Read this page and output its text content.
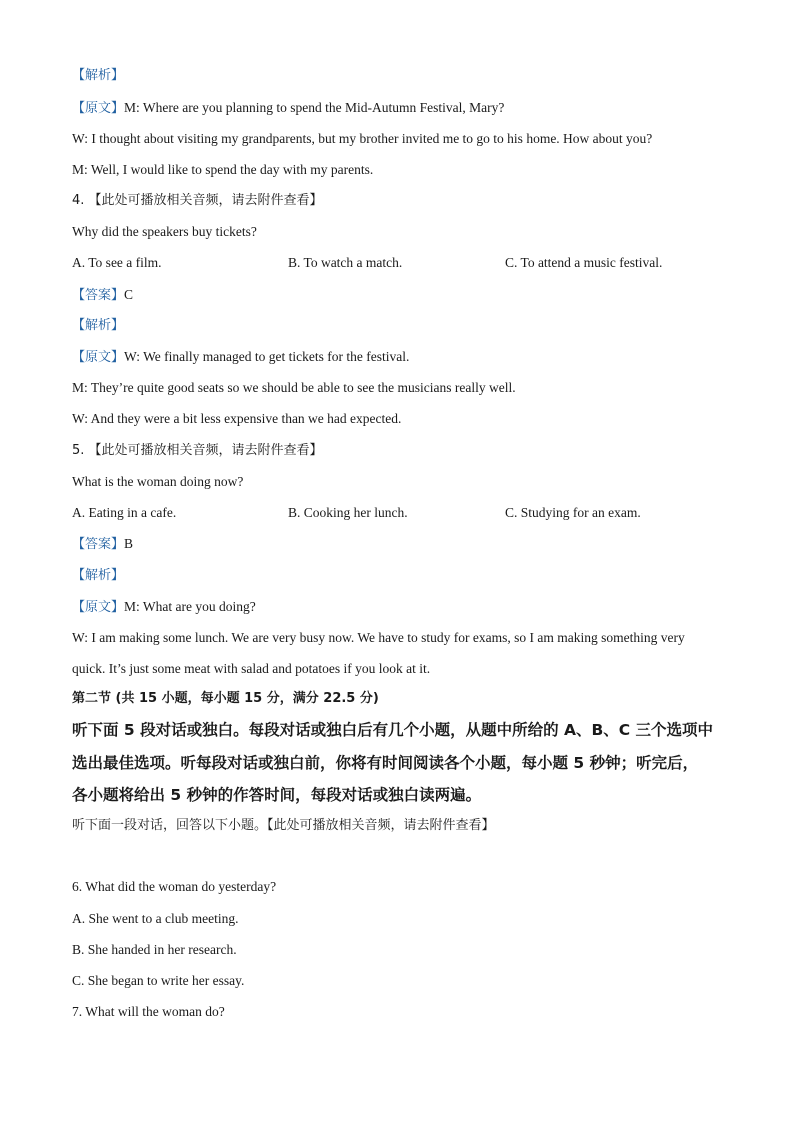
【解析】
【原文】M: Where are you planning to spend the Mid-Autumn Festival, Mary?
W: I thought about visiting my grandparents, but my brother invited me to go to his home. How about you?
M: Well, I would like to spend the day with my parents.
4. 【此处可播放相关音频，请去附件查看】
Why did the speakers buy tickets?
A. To see a film.	B. To watch a match.	C. To attend a music festival.
【答案】C
【解析】
【原文】W: We finally managed to get tickets for the festival.
M: They’re quite good seats so we should be able to see the musicians really well.
W: And they were a bit less expensive than we had expected.
5. 【此处可播放相关音频，请去附件查看】
What is the woman doing now?
A. Eating in a cafe.	B. Cooking her lunch.	C. Studying for an exam.
【答案】B
【解析】
【原文】M: What are you doing?
W: I am making some lunch. We are very busy now. We have to study for exams, so I am making something very
quick. It’s just some meat with salad and potatoes if you look at it.
第二节 (共 15 小题，每小题 15 分，满分 22.5 分)
听下面 5 段对话或独白。每段对话或独白后有几个小题，从题中所给的 A、B、C 三个选项中
选出最佳选项。听每段对话或独白前，你将有时间阅读各个小题，每小题 5 秒钟；听完后，
各小题将给出 5 秒钟的作答时间，每段对话或独白读两遍。
听下面一段对话，回答以下小题。【此处可播放相关音频，请去附件查看】
6. What did the woman do yesterday?
A. She went to a club meeting.
B. She handed in her research.
C. She began to write her essay.
7. What will the woman do?
